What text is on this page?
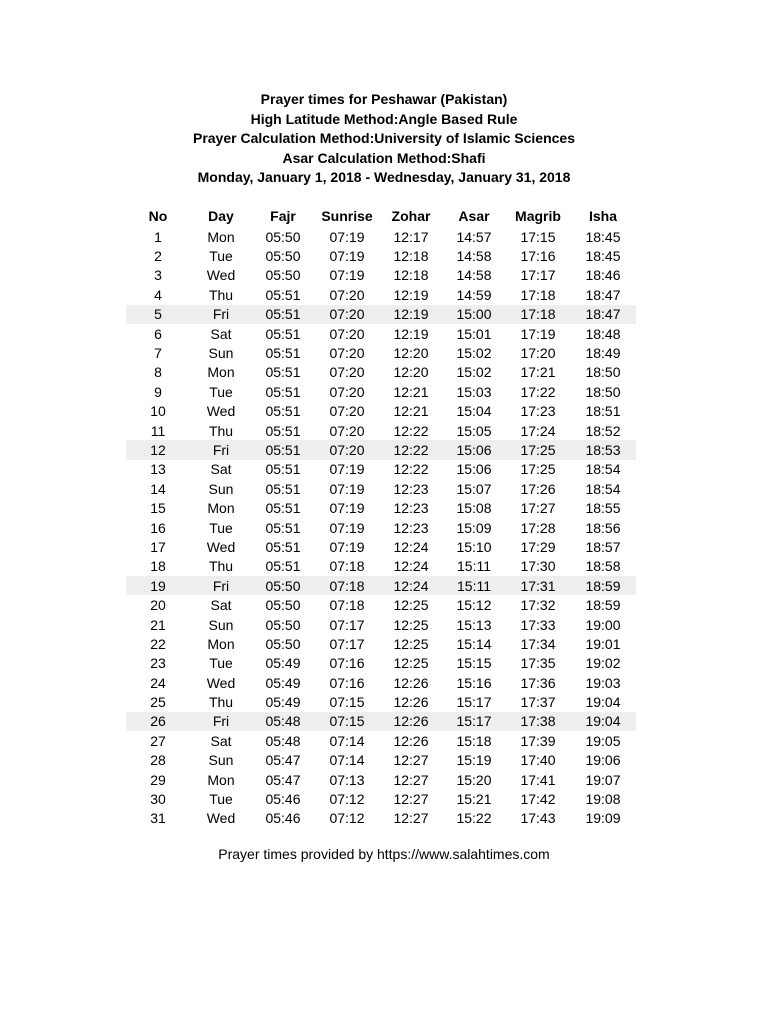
Prayer times for Peshawar (Pakistan)
High Latitude Method:Angle Based Rule
Prayer Calculation Method:University of Islamic Sciences
Asar Calculation Method:Shafi
Monday, January 1, 2018 - Wednesday, January 31, 2018
No	Day	Fajr	Sunrise	Zohar	Asar	Magrib	Isha
1	Mon	05:50	07:19	12:17	14:57	17:15	18:45
2	Tue	05:50	07:19	12:18	14:58	17:16	18:45
3	Wed	05:50	07:19	12:18	14:58	17:17	18:46
4	Thu	05:51	07:20	12:19	14:59	17:18	18:47
5	Fri	05:51	07:20	12:19	15:00	17:18	18:47
6	Sat	05:51	07:20	12:19	15:01	17:19	18:48
7	Sun	05:51	07:20	12:20	15:02	17:20	18:49
8	Mon	05:51	07:20	12:20	15:02	17:21	18:50
9	Tue	05:51	07:20	12:21	15:03	17:22	18:50
10	Wed	05:51	07:20	12:21	15:04	17:23	18:51
11	Thu	05:51	07:20	12:22	15:05	17:24	18:52
12	Fri	05:51	07:20	12:22	15:06	17:25	18:53
13	Sat	05:51	07:19	12:22	15:06	17:25	18:54
14	Sun	05:51	07:19	12:23	15:07	17:26	18:54
15	Mon	05:51	07:19	12:23	15:08	17:27	18:55
16	Tue	05:51	07:19	12:23	15:09	17:28	18:56
17	Wed	05:51	07:19	12:24	15:10	17:29	18:57
18	Thu	05:51	07:18	12:24	15:11	17:30	18:58
19	Fri	05:50	07:18	12:24	15:11	17:31	18:59
20	Sat	05:50	07:18	12:25	15:12	17:32	18:59
21	Sun	05:50	07:17	12:25	15:13	17:33	19:00
22	Mon	05:50	07:17	12:25	15:14	17:34	19:01
23	Tue	05:49	07:16	12:25	15:15	17:35	19:02
24	Wed	05:49	07:16	12:26	15:16	17:36	19:03
25	Thu	05:49	07:15	12:26	15:17	17:37	19:04
26	Fri	05:48	07:15	12:26	15:17	17:38	19:04
27	Sat	05:48	07:14	12:26	15:18	17:39	19:05
28	Sun	05:47	07:14	12:27	15:19	17:40	19:06
29	Mon	05:47	07:13	12:27	15:20	17:41	19:07
30	Tue	05:46	07:12	12:27	15:21	17:42	19:08
31	Wed	05:46	07:12	12:27	15:22	17:43	19:09
Prayer times provided by https://www.salahtimes.com
